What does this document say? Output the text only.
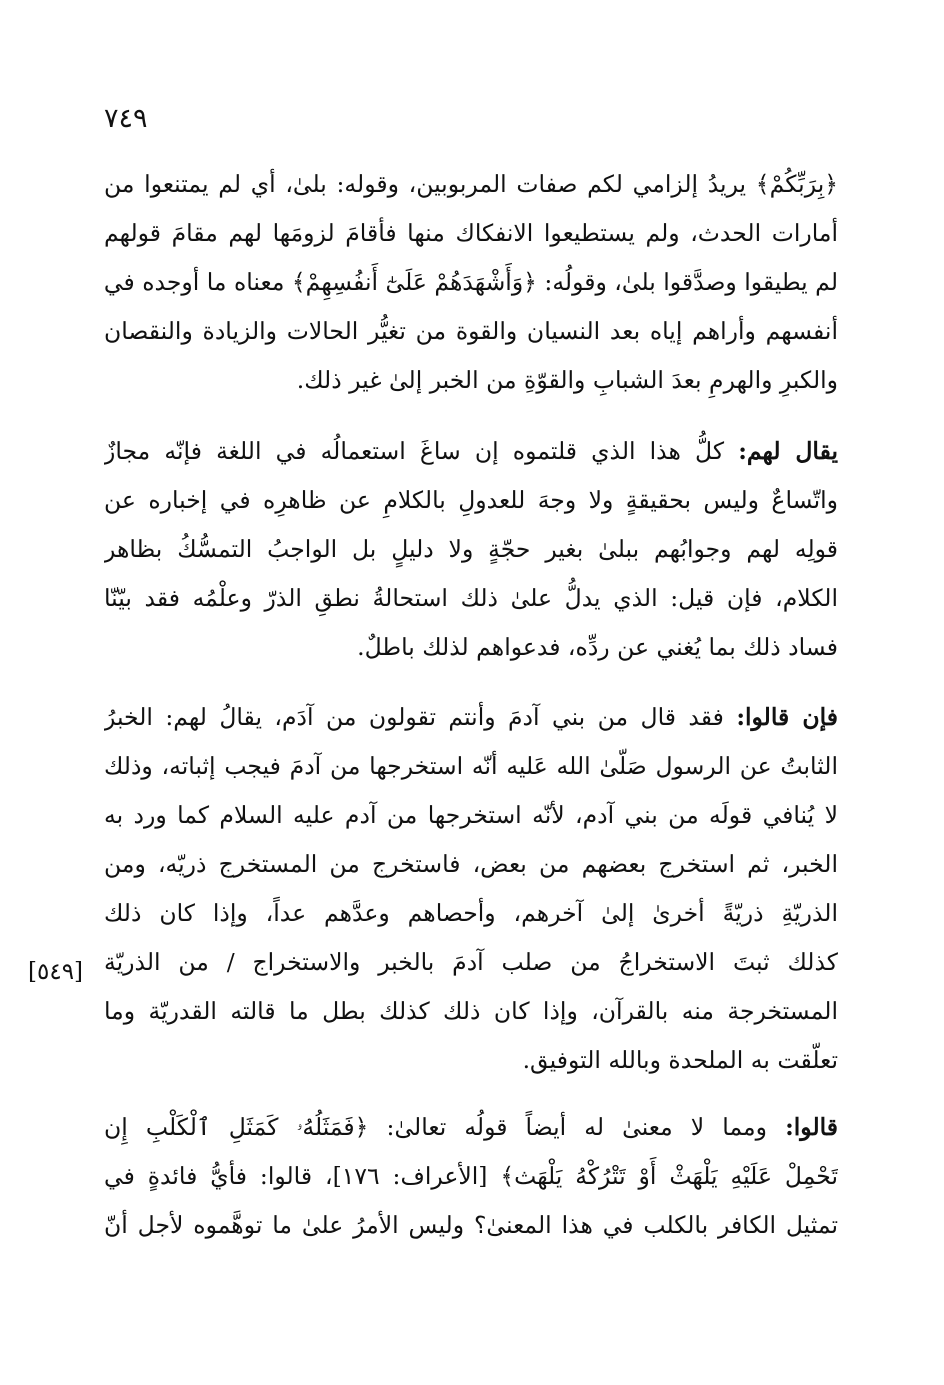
٧٤٩
[٥٤٩]
﴿بِرَبِّكُمْ﴾ يريدُ إلزامي لكم صفات المربوبين، وقوله: بلىٰ، أي لم يمتنعوا من
أمارات الحدث، ولم يستطيعوا الانفكاك منها فأقامَ لزومَها لهم مقامَ قولهم
لم يطيقوا وصدَّقوا بلىٰ، وقولُه: ﴿وَأَشْهَدَهُمْ عَلَىٰٓ أَنفُسِهِمْ﴾ معناه ما أوجده في
أنفسهم وأراهم إياه بعد النسيان والقوة من تغيُّر الحالات والزيادة والنقصان
والكبرِ والهرمِ بعدَ الشبابِ والقوّةِ من الخبر إلىٰ غير ذلك.
يقال لهم: كلُّ هذا الذي قلتموه إن ساغَ استعمالُه في اللغة فإنّه مجازٌ
واتّساعٌ وليس بحقيقةٍ ولا وجهَ للعدولِ بالكلامِ عن ظاهرِه في إخباره عن
قولِه لهم وجوابُهم ببلىٰ بغير حجّةٍ ولا دليلٍ بل الواجبُ التمسُّكُ بظاهر
الكلام، فإن قيل: الذي يدلُّ علىٰ ذلك استحالةُ نطقِ الذرّ وعلْمُه فقد بيّنّا
فساد ذلك بما يُغني عن ردِّه، فدعواهم لذلك باطلٌ.
فإن قالوا: فقد قال من بني آدمَ وأنتم تقولون من آدَم، يقالُ لهم: الخبرُ
الثابتُ عن الرسول صَلّىٰ الله عَليه أنّه استخرجها من آدمَ فيجب إثباته، وذلك
لا يُنافي قولَه من بني آدم، لأنّه استخرجها من آدم عليه السلام كما ورد به
الخبر، ثم استخرج بعضهم من بعض، فاستخرج من المستخرج ذريّه، ومن
الذريّةِ ذريّةً أخرىٰ إلىٰ آخرهم، وأحصاهم وعدَّهم عداً، وإذا كان ذلك
كذلك ثبتَ الاستخراجُ من صلب آدمَ بالخبر والاستخراج / من الذريّة
المستخرجة منه بالقرآن، وإذا كان ذلك كذلك بطل ما قالته القدريّة وما
تعلّقت به الملحدة وبالله التوفيق.
قالوا: ومما لا معنىٰ له أيضاً قولُه تعالىٰ: ﴿فَمَثَلُهُۥ كَمَثَلِ ٱلْكَلْبِ إِن
تَحْمِلْ عَلَيْهِ يَلْهَثْ أَوْ تَتْرُكْهُ يَلْهَث﴾ [الأعراف: ١٧٦]، قالوا: فأيُّ فائدةٍ في
تمثيل الكافر بالكلب في هذا المعنىٰ؟ وليس الأمرُ علىٰ ما توهَّموه لأجل أنّ
